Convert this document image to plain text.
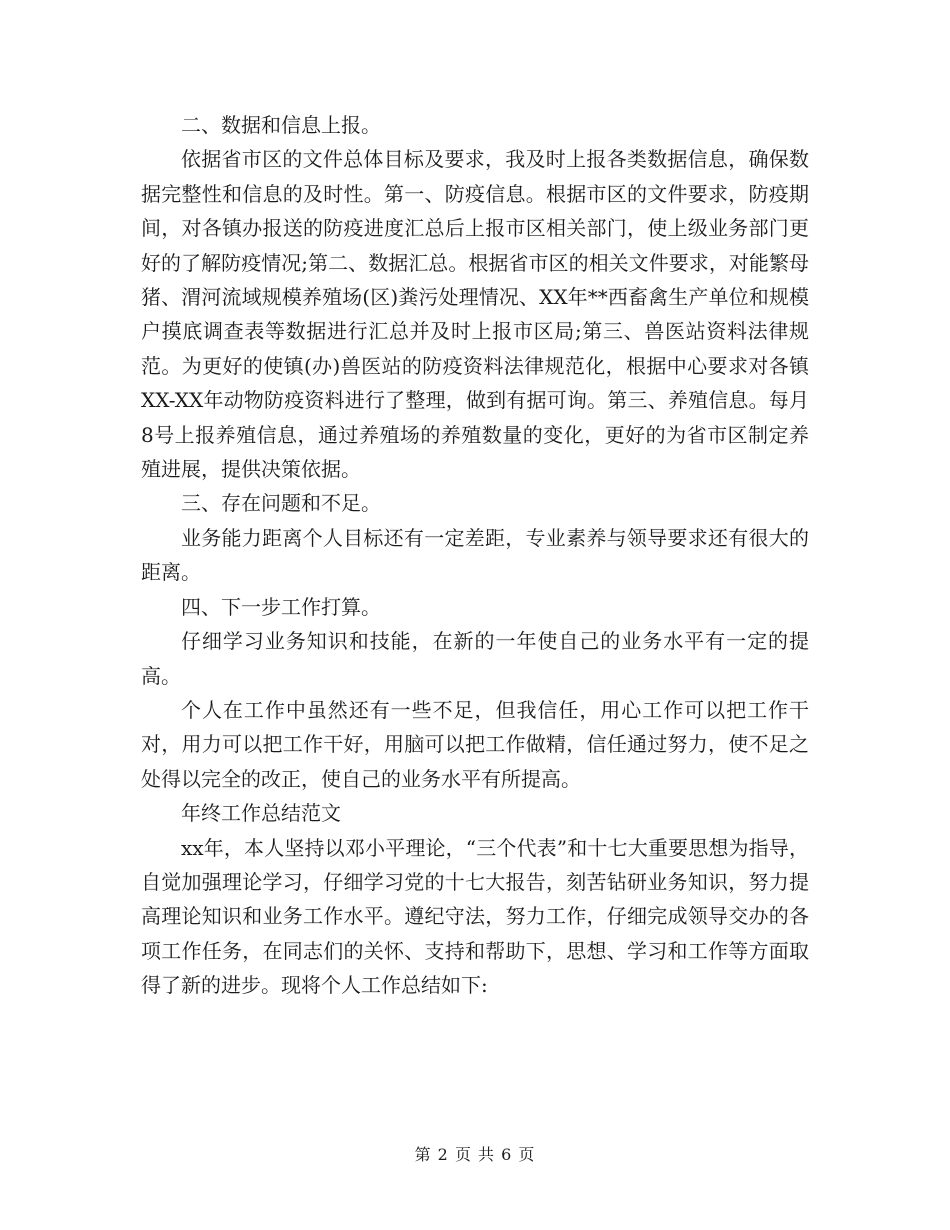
二、数据和信息上报。

依据省市区的文件总体目标及要求，我及时上报各类数据信息，确保数据完整性和信息的及时性。第一、防疫信息。根据市区的文件要求，防疫期间，对各镇办报送的防疫进度汇总后上报市区相关部门，使上级业务部门更好的了解防疫情况;第二、数据汇总。根据省市区的相关文件要求，对能繁母猪、渭河流域规模养殖场(区)粪污处理情况、XX年**西畜禽生产单位和规模户摸底调查表等数据进行汇总并及时上报市区局;第三、兽医站资料法律规范。为更好的使镇(办)兽医站的防疫资料法律规范化，根据中心要求对各镇XX-XX年动物防疫资料进行了整理，做到有据可询。第三、养殖信息。每月8号上报养殖信息，通过养殖场的养殖数量的变化，更好的为省市区制定养殖进展，提供决策依据。

三、存在问题和不足。

业务能力距离个人目标还有一定差距，专业素养与领导要求还有很大的距离。

四、下一步工作打算。

仔细学习业务知识和技能，在新的一年使自己的业务水平有一定的提高。

个人在工作中虽然还有一些不足，但我信任，用心工作可以把工作干对，用力可以把工作干好，用脑可以把工作做精，信任通过努力，使不足之处得以完全的改正，使自己的业务水平有所提高。

年终工作总结范文

xx年，本人坚持以邓小平理论，“三个代表”和十七大重要思想为指导，自觉加强理论学习，仔细学习党的十七大报告，刻苦钻研业务知识，努力提高理论知识和业务工作水平。遵纪守法，努力工作，仔细完成领导交办的各项工作任务，在同志们的关怀、支持和帮助下，思想、学习和工作等方面取得了新的进步。现将个人工作总结如下:

第 2 页 共 6 页
